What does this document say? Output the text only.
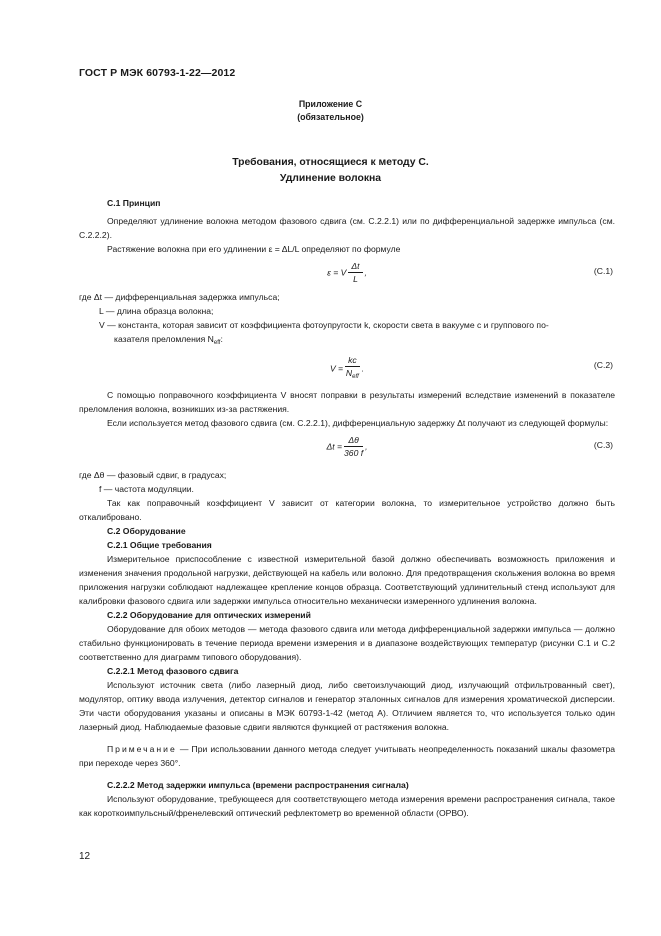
ГОСТ Р МЭК 60793-1-22—2012
Приложение С
(обязательное)
Требования, относящиеся к методу С.
Удлинение волокна

С.1 Принцип

Определяют удлинение волокна методом фазового сдвига (см. С.2.2.1) или по дифференциальной задержке импульса (см. С.2.2.2).

Растяжение волокна при его удлинении ε = ΔL/L определяют по формуле

ε = V $\frac{\Delta t}{L}$ ,	(С.1)

где Δt — дифференциальная задержка импульса;

L — длина образца волокна;

V — константа, которая зависит от коэффициента фотоупругости k, скорости света в вакууме c и группового по-

казателя преломления $N_{eff}$:

$V = \frac{kc}{N_{eff}}$ .	(С.2)

С помощью поправочного коэффициента V вносят поправки в результаты измерений вследствие изменений в показателе преломления волокна, возникших из-за растяжения.

Если используется метод фазового сдвига (см. С.2.2.1), дифференциальную задержку Δt получают из следующей формулы:

$\Delta t = \frac{\Delta\theta}{360 f}$ ,	(С.3)

где Δθ — фазовый сдвиг, в градусах;

f — частота модуляции.

Так как поправочный коэффициент V зависит от категории волокна, то измерительное устройство должно быть откалибровано.

С.2 Оборудование

С.2.1 Общие требования

Измерительное приспособление с известной измерительной базой должно обеспечивать возможность приложения и изменения значения продольной нагрузки, действующей на кабель или волокно. Для предотвращения скольжения волокна во время приложения нагрузки соблюдают надлежащее крепление концов образца. Соответствующий удлинительный стенд используют для калибровки фазового сдвига или задержки импульса относительно механически измеренного удлинения волокна.

С.2.2 Оборудование для оптических измерений

Оборудование для обоих методов — метода фазового сдвига или метода дифференциальной задержки импульса — должно стабильно функционировать в течение периода времени измерения и в диапазоне воздействующих температур (рисунки С.1 и С.2 соответственно для диаграмм типового оборудования).

С.2.2.1 Метод фазового сдвига

Используют источник света (либо лазерный диод, либо светоизлучающий диод, излучающий отфильтрованный свет), модулятор, оптику ввода излучения, детектор сигналов и генератор эталонных сигналов для измерения хроматической дисперсии. Эти части оборудования указаны и описаны в МЭК 60793-1-42 (метод А). Отличием является то, что используется только один лазерный диод. Наблюдаемые фазовые сдвиги являются функцией от растяжения волокна.

Примечание — При использовании данного метода следует учитывать неопределенность показаний шкалы фазометра при переходе через 360°.

С.2.2.2 Метод задержки импульса (времени распространения сигнала)

Используют оборудование, требующееся для соответствующего метода измерения времени распространения сигнала, такое как короткоимпульсный/френелевский оптический рефлектометр во временной области (ОРВО).

12
